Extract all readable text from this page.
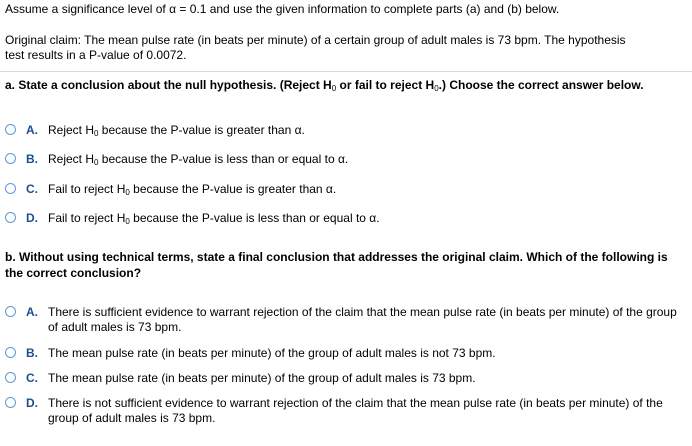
Assume a significance level of α = 0.1 and use the given information to complete parts (a) and (b) below.
Original claim: The mean pulse rate (in beats per minute) of a certain group of adult males is 73 bpm. The hypothesis
test results in a P-value of 0.0072.
a. State a conclusion about the null hypothesis. (Reject $H_0$ or fail to reject $H_0$.) Choose the correct answer below.
A. Reject $H_0$ because the P-value is greater than α.
B. Reject $H_0$ because the P-value is less than or equal to α.
C. Fail to reject $H_0$ because the P-value is greater than α.
D. Fail to reject $H_0$ because the P-value is less than or equal to α.
b. Without using technical terms, state a final conclusion that addresses the original claim. Which of the following is the correct conclusion?
A. There is sufficient evidence to warrant rejection of the claim that the mean pulse rate (in beats per minute) of the group of adult males is 73 bpm.
B. The mean pulse rate (in beats per minute) of the group of adult males is not 73 bpm.
C. The mean pulse rate (in beats per minute) of the group of adult males is 73 bpm.
D. There is not sufficient evidence to warrant rejection of the claim that the mean pulse rate (in beats per minute) of the group of adult males is 73 bpm.
